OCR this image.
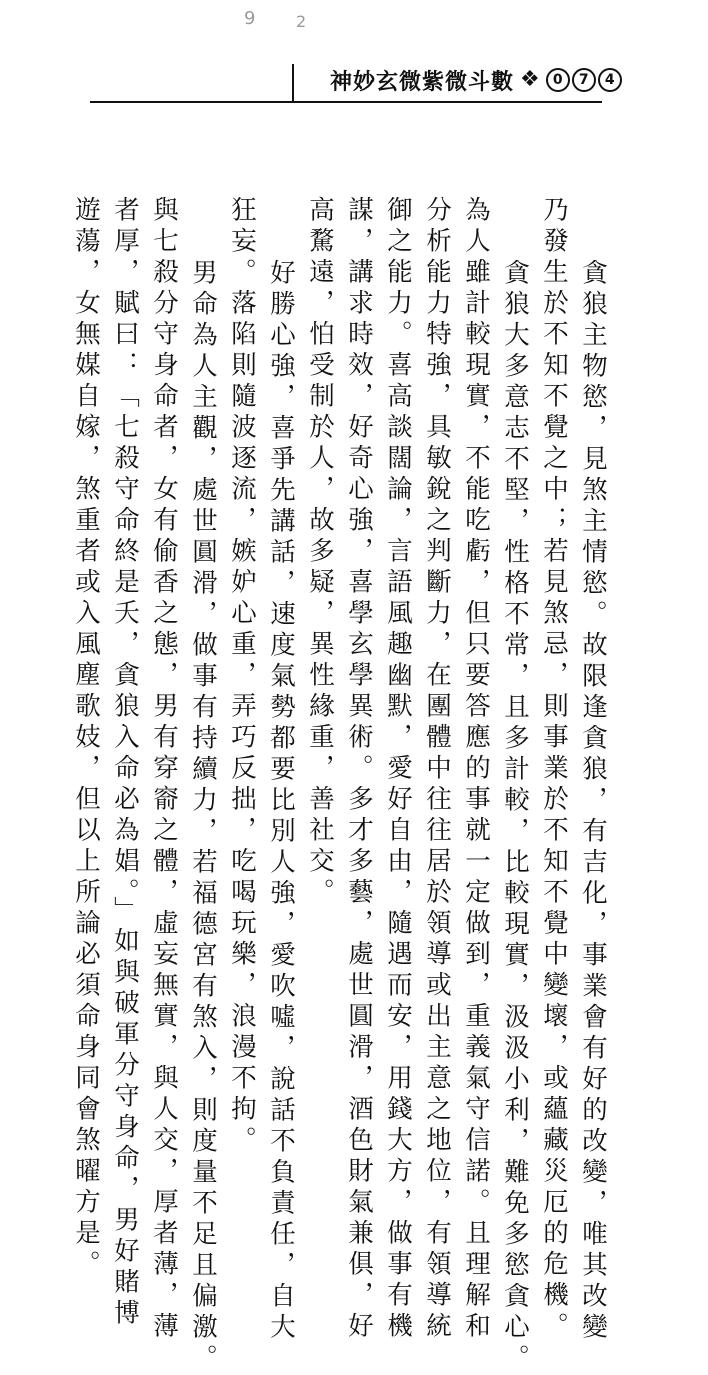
9	2
神妙玄微紫微斗數 ❖ 0	7	4
貪狼主物慾，見煞主情慾。故限逢貪狼，有吉化，事業會有好的改變，唯其改變
乃發生於不知不覺之中；若見煞忌，則事業於不知不覺中變壞，或蘊藏災厄的危機。
貪狼大多意志不堅，性格不常，且多計較，比較現實，汲汲小利，難免多慾貪心。
為人雖計較現實，不能吃虧，但只要答應的事就一定做到，重義氣守信諾。且理解和
分析能力特強，具敏銳之判斷力，在團體中往往居於領導或出主意之地位，有領導統
御之能力。喜高談闊論，言語風趣幽默，愛好自由，隨遇而安，用錢大方，做事有機
謀，講求時效，好奇心強，喜學玄學異術。多才多藝，處世圓滑，酒色財氣兼俱，好
高騖遠，怕受制於人，故多疑，異性緣重，善社交。
好勝心強，喜爭先講話，速度氣勢都要比別人強，愛吹噓，說話不負責任，自大
狂妄。落陷則隨波逐流，嫉妒心重，弄巧反拙，吃喝玩樂，浪漫不拘。
男命為人主觀，處世圓滑，做事有持續力，若福德宮有煞入，則度量不足且偏激。
與七殺分守身命者，女有偷香之態，男有穿窬之體，虛妄無實，與人交，厚者薄，薄
者厚，賦曰：「七殺守命終是夭，貪狼入命必為娼。」如與破軍分守身命，男好賭博
遊蕩，女無媒自嫁，煞重者或入風塵歌妓，但以上所論必須命身同會煞曜方是。
